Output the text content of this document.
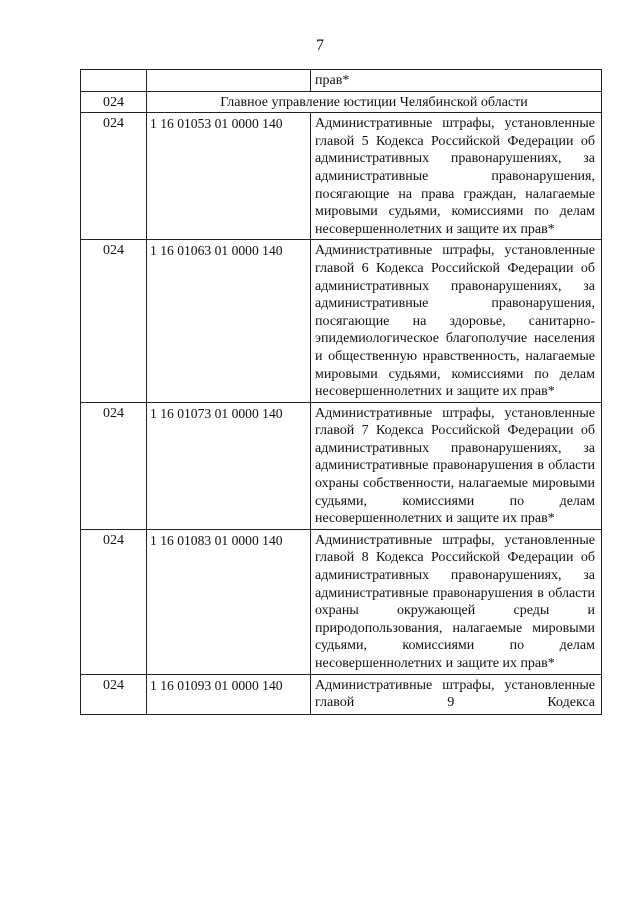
7
		прав*
024	Главное управление юстиции Челябинской области	
024	1 16 01053 01 0000 140	Административные штрафы, установленные главой 5 Кодекса Российской Федерации об административных правонарушениях, за административные правонарушения, посягающие на права граждан, налагаемые мировыми судьями, комиссиями по делам несовершеннолетних и защите их прав*
024	1 16 01063 01 0000 140	Административные штрафы, установленные главой 6 Кодекса Российской Федерации об административных правонарушениях, за административные правонарушения, посягающие на здоровье, санитарно-эпидемиологическое благополучие населения и общественную нравственность, налагаемые мировыми судьями, комиссиями по делам несовершеннолетних и защите их прав*
024	1 16 01073 01 0000 140	Административные штрафы, установленные главой 7 Кодекса Российской Федерации об административных правонарушениях, за административные правонарушения в области охраны собственности, налагаемые мировыми судьями, комиссиями по делам несовершеннолетних и защите их прав*
024	1 16 01083 01 0000 140	Административные штрафы, установленные главой 8 Кодекса Российской Федерации об административных правонарушениях, за административные правонарушения в области охраны окружающей среды и природопользования, налагаемые мировыми судьями, комиссиями по делам несовершеннолетних и защите их прав*
024	1 16 01093 01 0000 140	Административные штрафы, установленные главой 9 Кодекса
